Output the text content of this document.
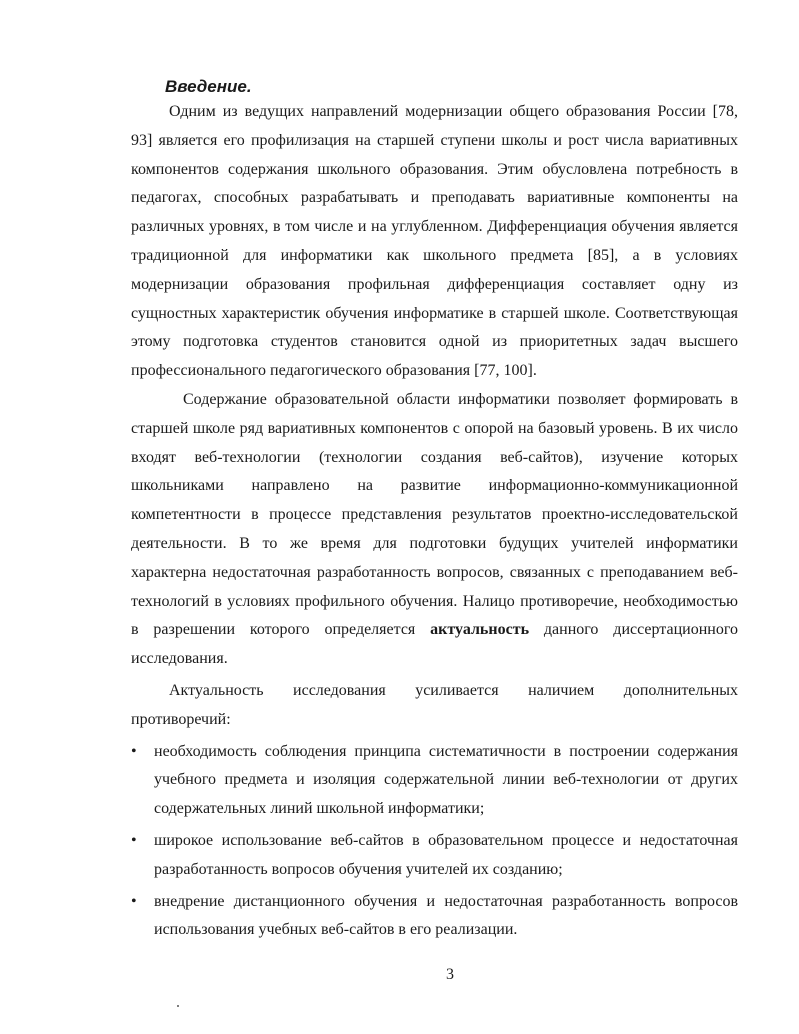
Введение.

Одним из ведущих направлений модернизации общего образования России [78, 93] является его профилизация на старшей ступени школы и рост числа вариативных компонентов содержания школьного образования. Этим обусловлена потребность в педагогах, способных разрабатывать и преподавать вариативные компоненты на различных уровнях, в том числе и на углубленном. Дифференциация обучения является традиционной для информатики как школьного предмета [85], а в условиях модернизации образования профильная дифференциация составляет одну из сущностных характеристик обучения информатике в старшей школе. Соответствующая этому подготовка студентов становится одной из приоритетных задач высшего профессионального педагогического образования [77, 100].

Содержание образовательной области информатики позволяет формировать в старшей школе ряд вариативных компонентов с опорой на базовый уровень. В их число входят веб-технологии (технологии создания веб-сайтов), изучение которых школьниками направлено на развитие информационно-коммуникационной компетентности в процессе представления результатов проектно-исследовательской деятельности. В то же время для подготовки будущих учителей информатики характерна недостаточная разработанность вопросов, связанных с преподаванием веб-технологий в условиях профильного обучения. Налицо противоречие, необходимостью в разрешении которого определяется актуальность данного диссертационного исследования.

Актуальность исследования усиливается наличием дополнительных противоречий:

• необходимость соблюдения принципа систематичности в построении содержания учебного предмета и изоляция содержательной линии веб-технологии от других содержательных линий школьной информатики;
• широкое использование веб-сайтов в образовательном процессе и недостаточная разработанность вопросов обучения учителей их созданию;
• внедрение дистанционного обучения и недостаточная разработанность вопросов использования учебных веб-сайтов в его реализации.
3
